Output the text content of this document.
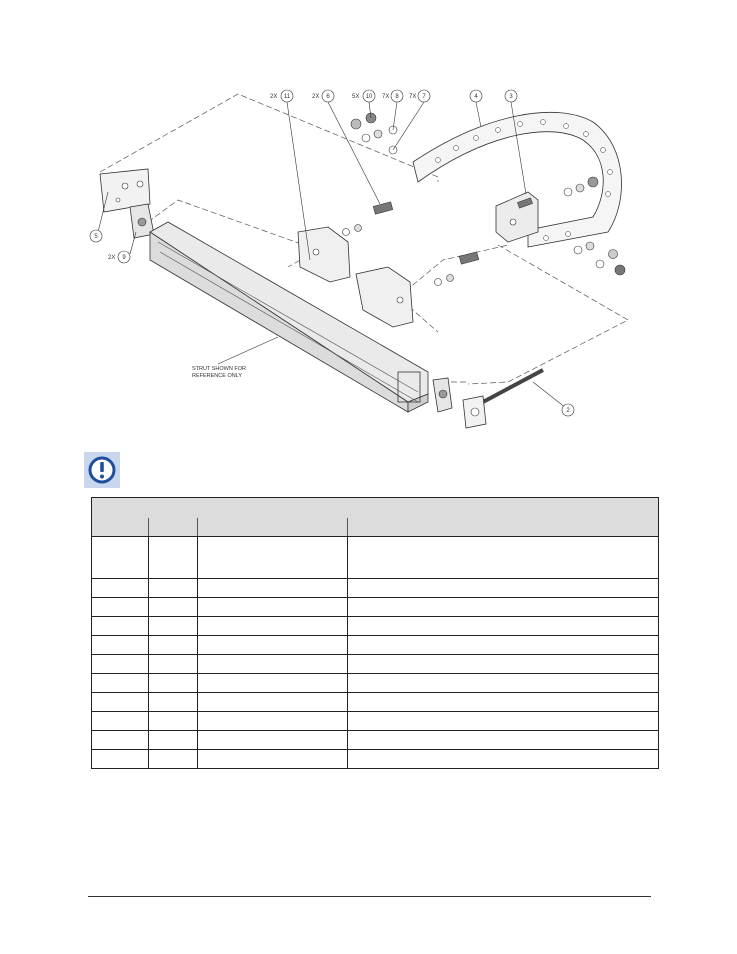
2X 11	2X 6	5X 10 7X 8 7X 7	4	3
5
2X 9
2
STRUT SHOWN FOR
REFERENCE ONLY
